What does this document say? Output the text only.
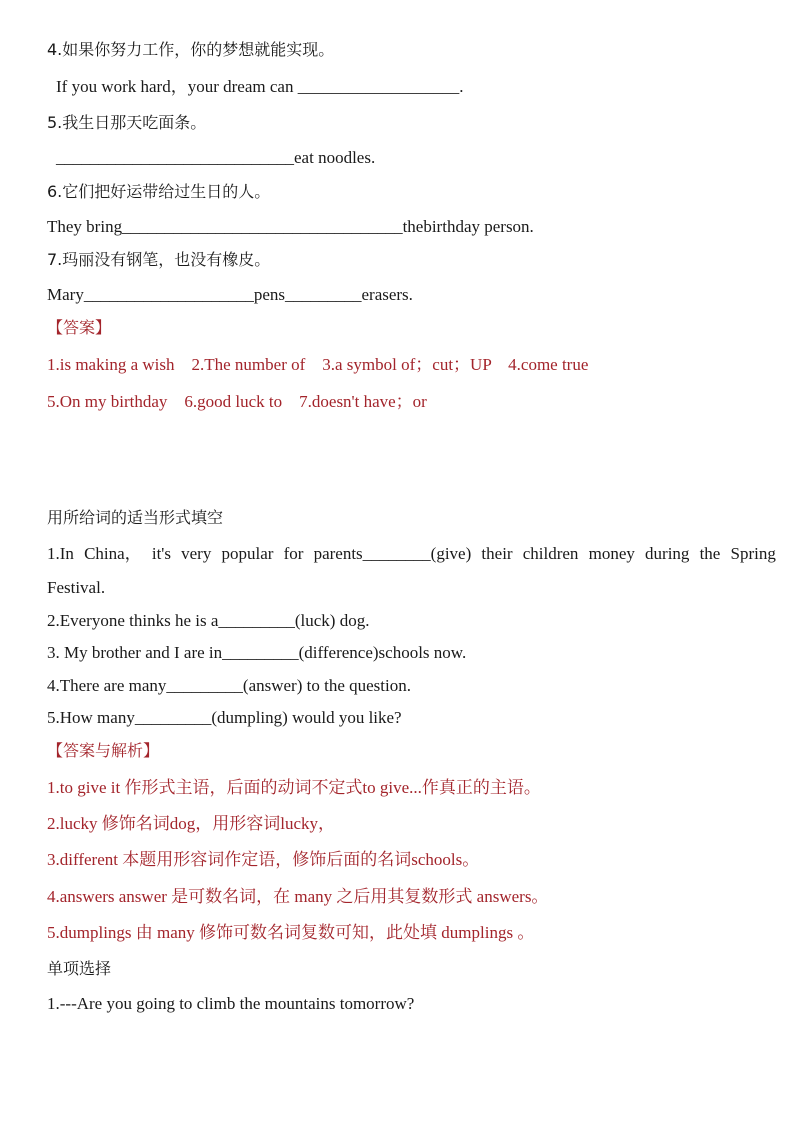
4.如果你努力工作，你的梦想就能实现。
If you work hard，your dream can ___________________.
5.我生日那天吃面条。
____________________________eat noodles.
6.它们把好运带给过生日的人。
They bring_________________________________thebirthday person.
7.玛丽没有钢笔，也没有橡皮。
Mary____________________pens_________erasers.
【答案】
1.is making a wish    2.The number of    3.a symbol of；cut；UP    4.come true
5.On my birthday    6.good luck to    7.doesn't have；or
用所给词的适当形式填空
1.In China， it's very popular for parents________(give) their children money during the Spring
Festival.
2.Everyone thinks he is a_________(luck) dog.
3. My brother and I are in_________(difference)schools now.
4.There are many_________(answer) to the question.
5.How many_________(dumpling) would you like?
【答案与解析】
1.to give it 作形式主语，后面的动词不定式to give...作真正的主语。
2.lucky 修饰名词dog，用形容词lucky，
3.different 本题用形容词作定语，修饰后面的名词schools。
4.answers answer 是可数名词，在 many 之后用其复数形式 answers。
5.dumplings 由 many 修饰可数名词复数可知，此处填 dumplings 。
单项选择
1.---Are you going to climb the mountains tomorrow?
